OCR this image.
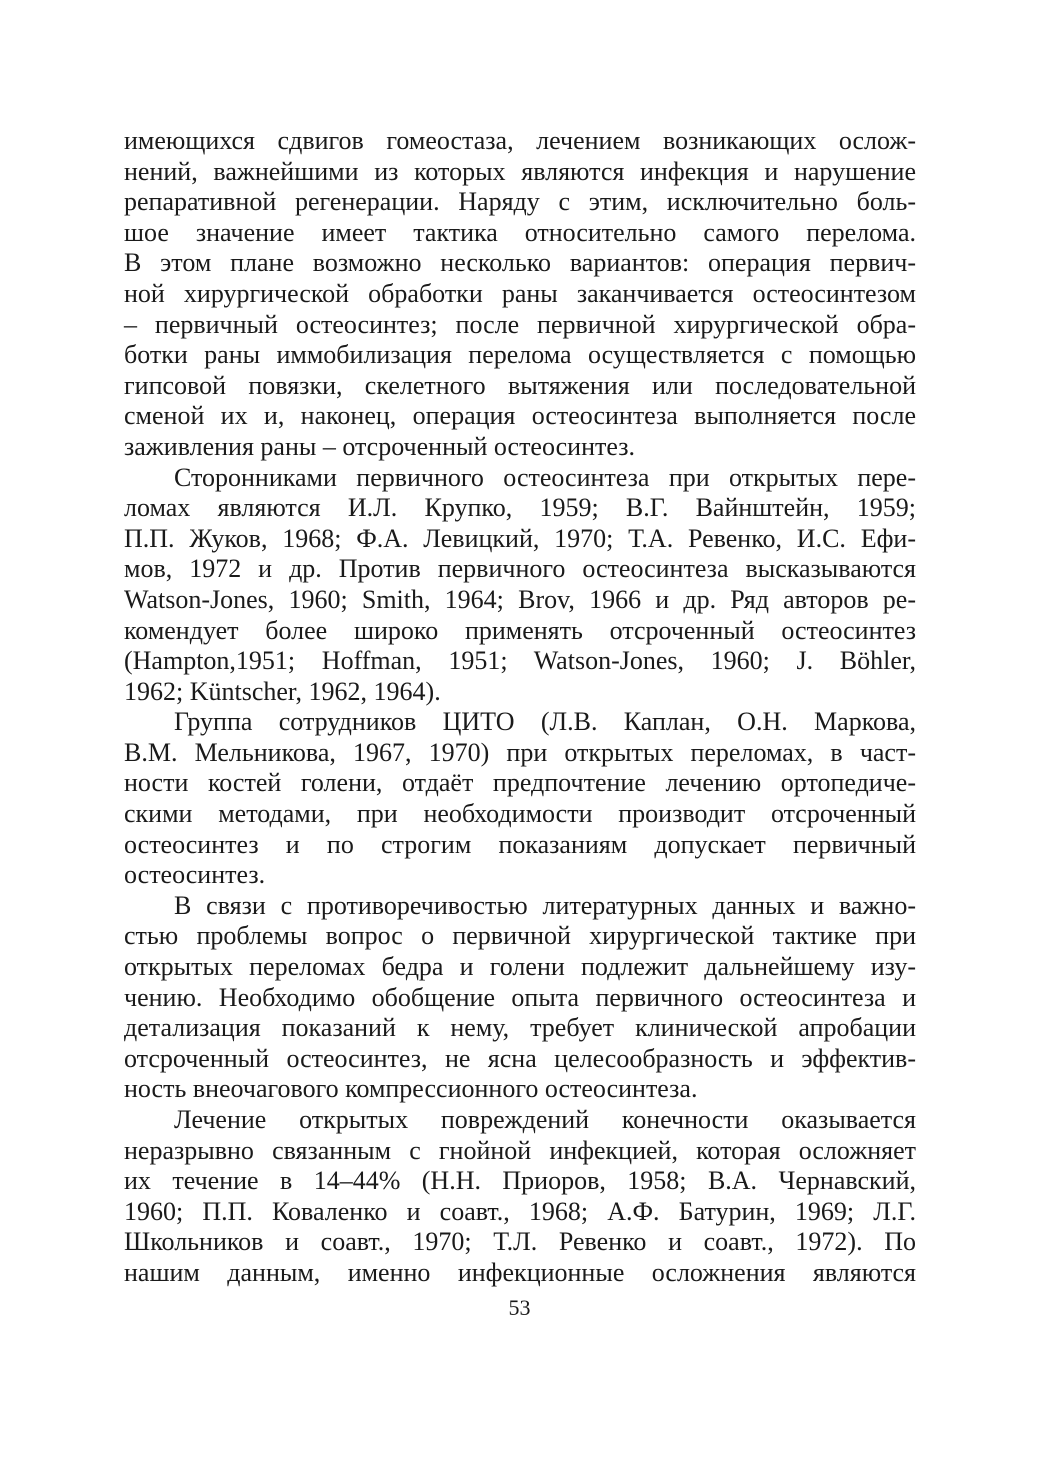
имеющихся сдвигов гомеостаза, лечением возникающих ослож-
нений, важнейшими из которых являются инфекция и нарушение
репаративной регенерации. Наряду с этим, исключительно боль-
шое значение имеет тактика относительно самого перелома.
В этом плане возможно несколько вариантов: операция первич-
ной хирургической обработки раны заканчивается остеосинтезом
– первичный остеосинтез; после первичной хирургической обра-
ботки раны иммобилизация перелома осуществляется с помощью
гипсовой повязки, скелетного вытяжения или последовательной
сменой их и, наконец, операция остеосинтеза выполняется после
заживления раны – отсроченный остеосинтез.
Сторонниками первичного остеосинтеза при открытых пере-
ломах являются И.Л. Крупко, 1959; В.Г. Вайнштейн, 1959;
П.П. Жуков, 1968; Ф.А. Левицкий, 1970; Т.А. Ревенко, И.С. Ефи-
мов, 1972 и др. Против первичного остеосинтеза высказываются
Watson-Jones, 1960; Smith, 1964; Brov, 1966 и др. Ряд авторов ре-
комендует более широко применять отсроченный остеосинтез
(Hampton,1951; Hoffman, 1951; Watson-Jones, 1960; J. Böhler,
1962; Küntscher, 1962, 1964).
Группа сотрудников ЦИТО (Л.В. Каплан, О.Н. Маркова,
В.М. Мельникова, 1967, 1970) при открытых переломах, в част-
ности костей голени, отдаёт предпочтение лечению ортопедиче-
скими методами, при необходимости производит отсроченный
остеосинтез и по строгим показаниям допускает первичный
остеосинтез.
В связи с противоречивостью литературных данных и важно-
стью проблемы вопрос о первичной хирургической тактике при
открытых переломах бедра и голени подлежит дальнейшему изу-
чению. Необходимо обобщение опыта первичного остеосинтеза и
детализация показаний к нему, требует клинической апробации
отсроченный остеосинтез, не ясна целесообразность и эффектив-
ность внеочагового компрессионного остеосинтеза.
Лечение открытых повреждений конечности оказывается
неразрывно связанным с гнойной инфекцией, которая осложняет
их течение в 14–44% (Н.Н. Приоров, 1958; В.А. Чернавский,
1960; П.П. Коваленко и соавт., 1968; А.Ф. Батурин, 1969; Л.Г.
Школьников и соавт., 1970; Т.Л. Ревенко и соавт., 1972). По
нашим данным, именно инфекционные осложнения являются
53
